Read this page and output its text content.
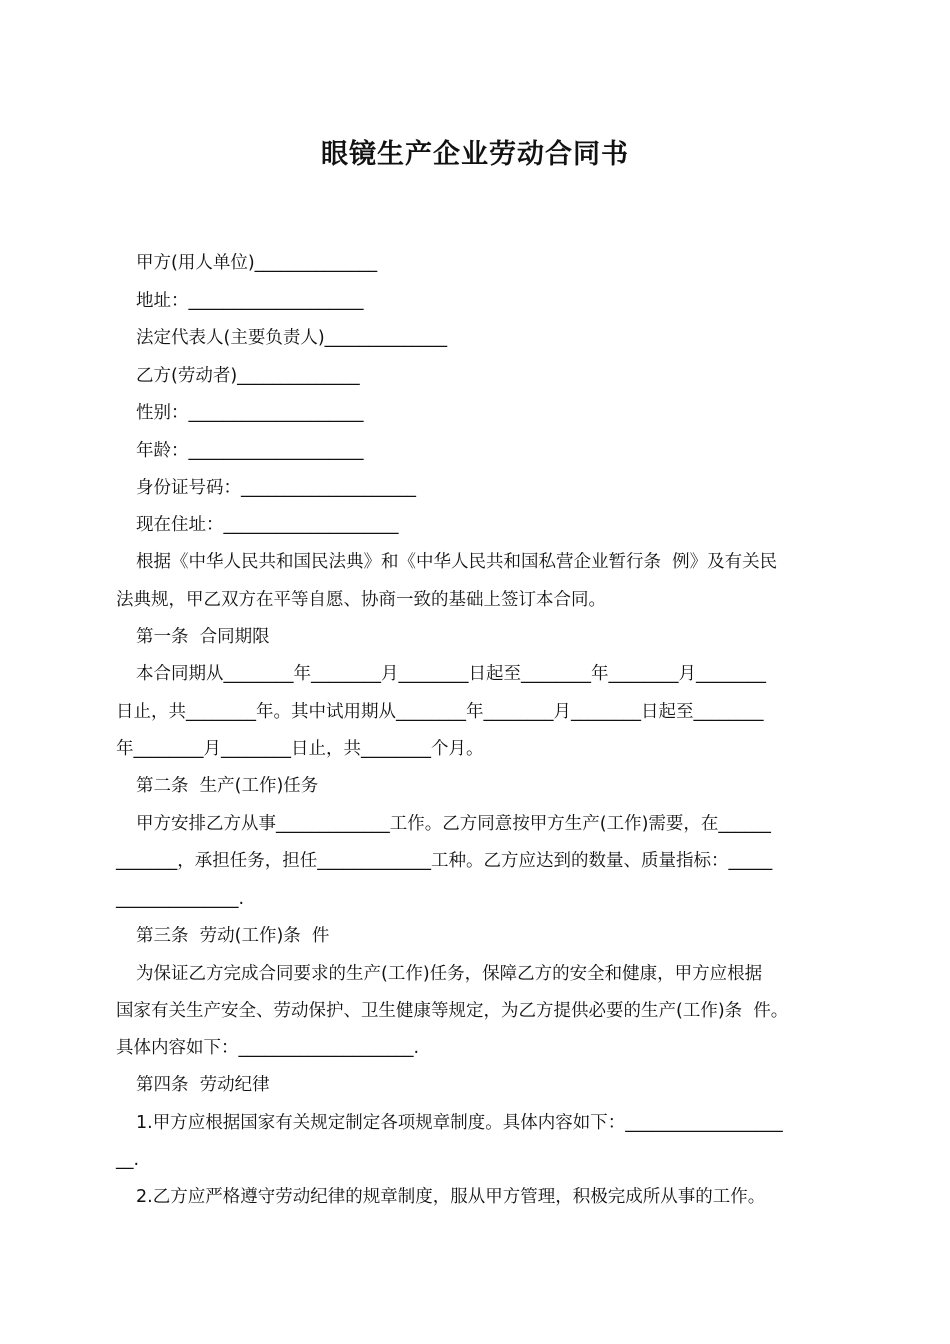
眼镜生产企业劳动合同书
甲方(用人单位)______________
地址：____________________
法定代表人(主要负责人)______________
乙方(劳动者)______________
性别：____________________
年龄：____________________
身份证号码：____________________
现在住址：____________________
根据《中华人民共和国民法典》和《中华人民共和国私营企业暂行条  例》及有关民
法典规，甲乙双方在平等自愿、协商一致的基础上签订本合同。
第一条  合同期限
本合同期从________年________月________日起至________年________月________
日止，共________年。其中试用期从________年________月________日起至________
年________月________日止，共________个月。
第二条  生产(工作)任务
甲方安排乙方从事_____________工作。乙方同意按甲方生产(工作)需要，在______
_______，承担任务，担任_____________工种。乙方应达到的数量、质量指标：_____
______________.
第三条  劳动(工作)条  件
为保证乙方完成合同要求的生产(工作)任务，保障乙方的安全和健康，甲方应根据
国家有关生产安全、劳动保护、卫生健康等规定，为乙方提供必要的生产(工作)条  件。
具体内容如下：____________________.
第四条  劳动纪律
1.甲方应根据国家有关规定制定各项规章制度。具体内容如下：__________________
__.
2.乙方应严格遵守劳动纪律的规章制度，服从甲方管理，积极完成所从事的工作。
